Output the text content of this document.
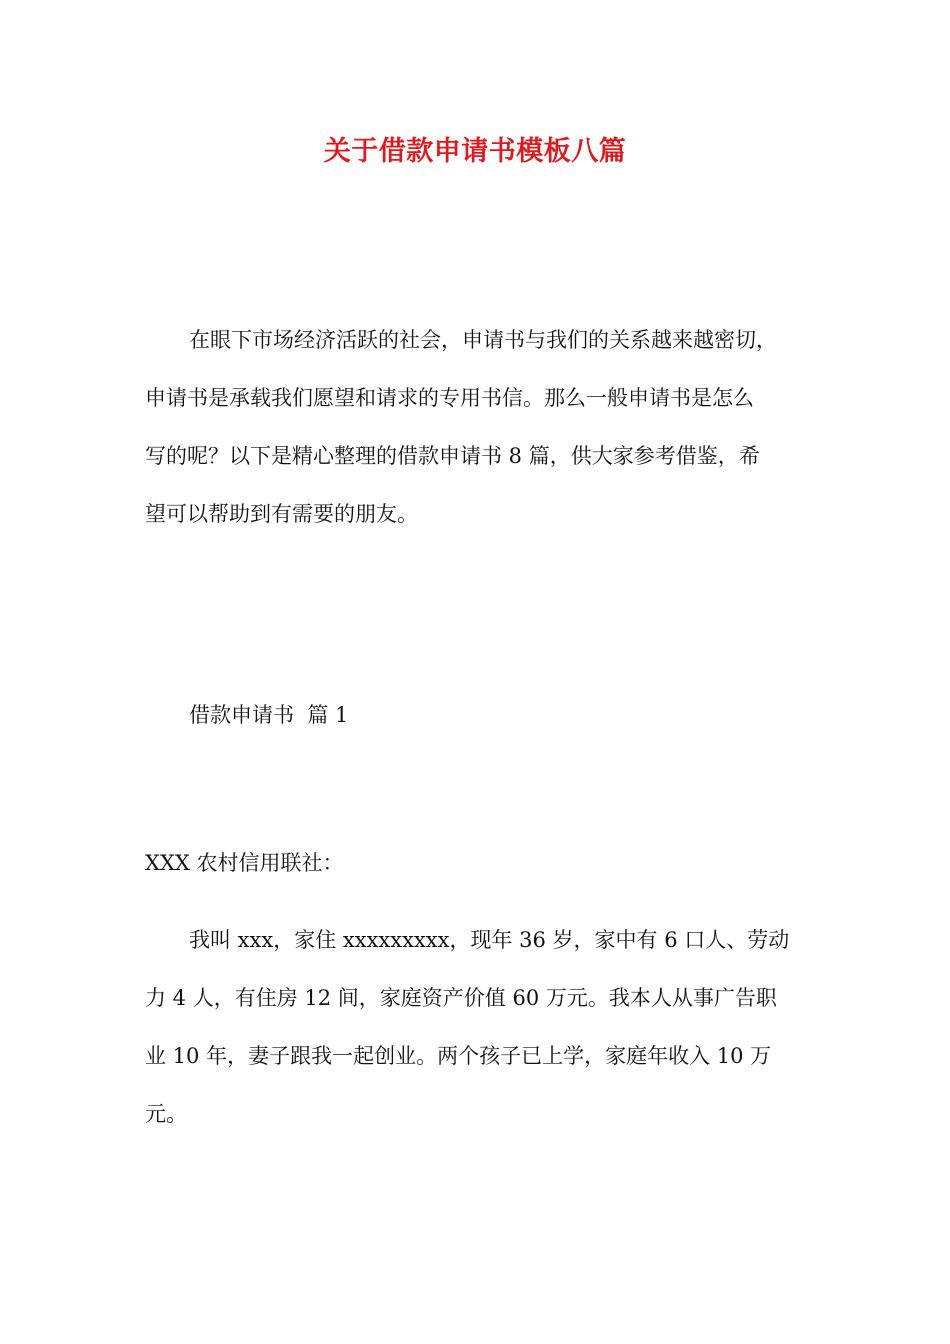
关于借款申请书模板八篇
在眼下市场经济活跃的社会，申请书与我们的关系越来越密切，
申请书是承载我们愿望和请求的专用书信。那么一般申请书是怎么
写的呢？以下是精心整理的借款申请书 8 篇，供大家参考借鉴，希
望可以帮助到有需要的朋友。
借款申请书  篇 1
XXX 农村信用联社：
我叫 xxx，家住 xxxxxxxxx，现年 36 岁，家中有 6 口人、劳动
力 4 人，有住房 12 间，家庭资产价值 60 万元。我本人从事广告职
业 10 年，妻子跟我一起创业。两个孩子已上学，家庭年收入 10 万
元。
